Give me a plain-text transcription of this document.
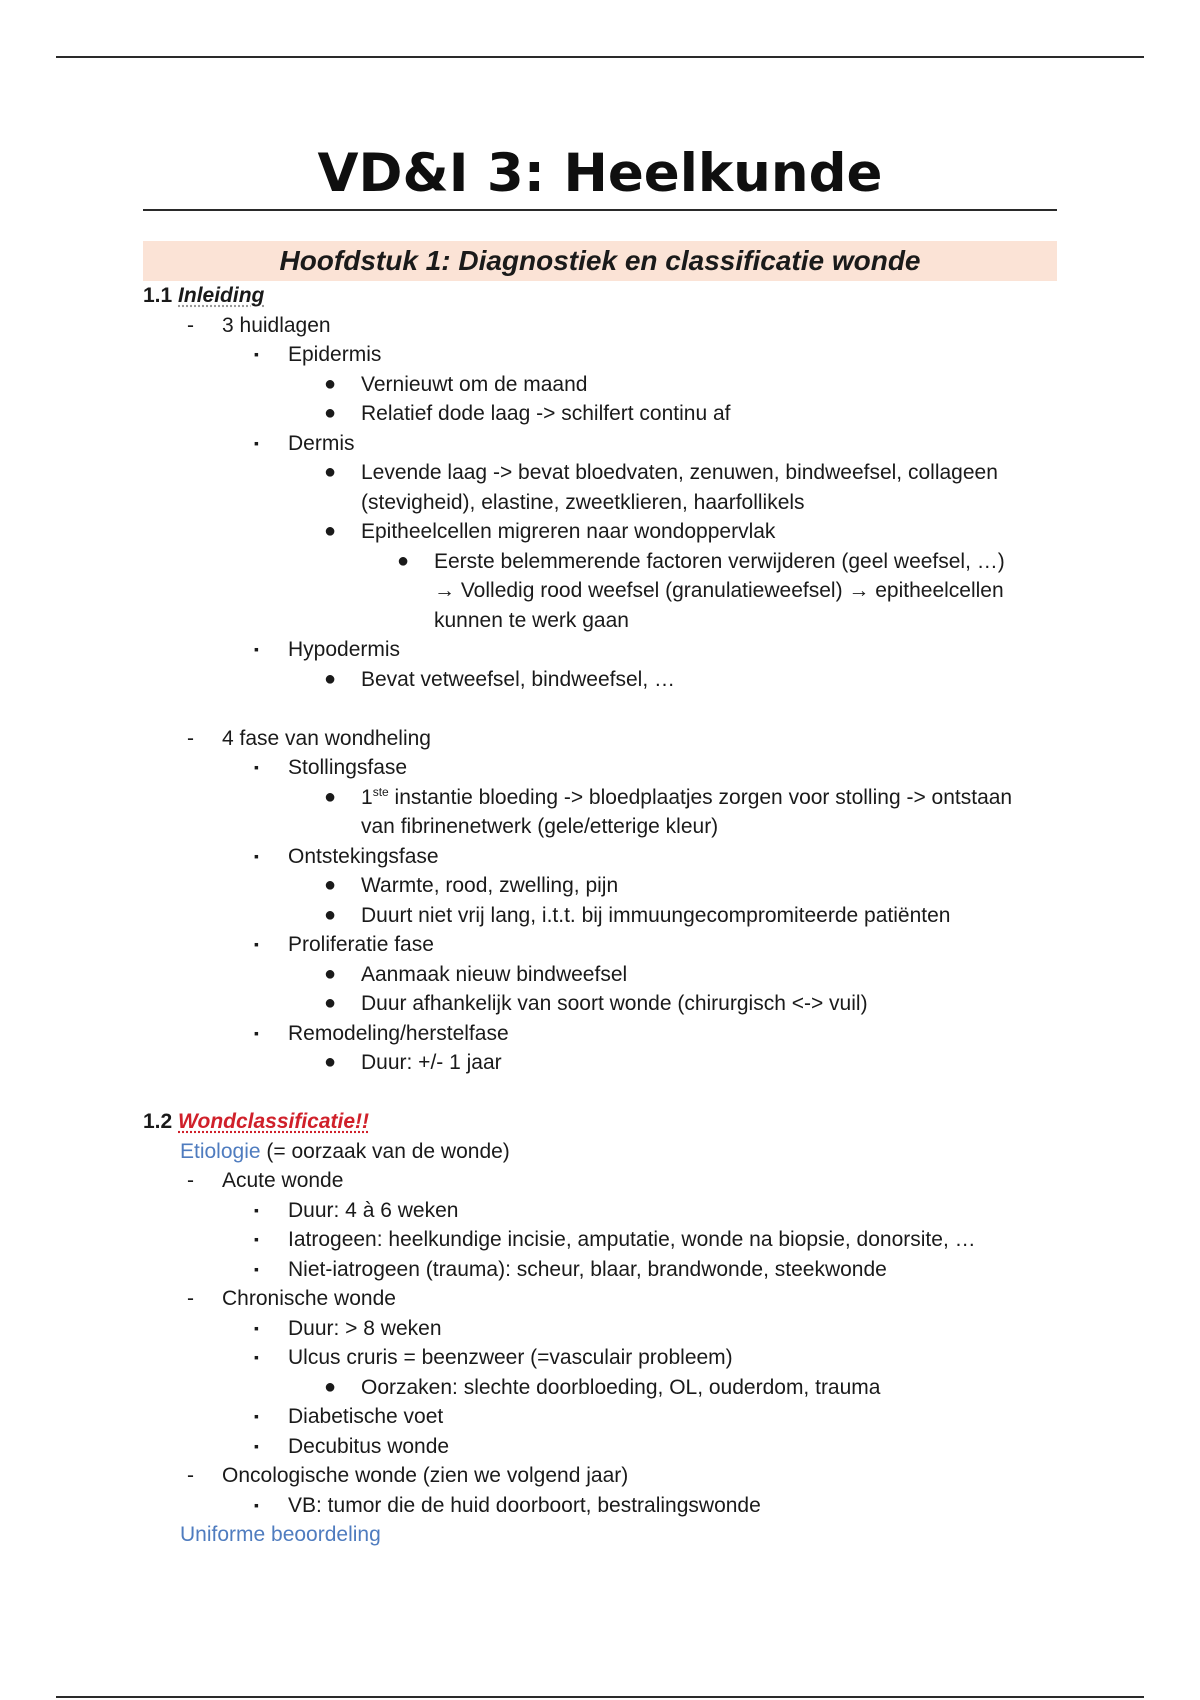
VD&I 3: Heelkunde
Hoofdstuk 1: Diagnostiek en classificatie wonde
1.1 Inleiding
- 3 huidlagen
▪ Epidermis
● Vernieuwt om de maand
● Relatief dode laag -> schilfert continu af
▪ Dermis
● Levende laag -> bevat bloedvaten, zenuwen, bindweefsel, collageen
(stevigheid), elastine, zweetklieren, haarfollikels
● Epitheelcellen migreren naar wondoppervlak
● Eerste belemmerende factoren verwijderen (geel weefsel, …)
→ Volledig rood weefsel (granulatieweefsel) → epitheelcellen
kunnen te werk gaan
▪ Hypodermis
● Bevat vetweefsel, bindweefsel, …
- 4 fase van wondheling
▪ Stollingsfase
● 1ste instantie bloeding -> bloedplaatjes zorgen voor stolling -> ontstaan
van fibrinenetwerk (gele/etterige kleur)
▪ Ontstekingsfase
● Warmte, rood, zwelling, pijn
● Duurt niet vrij lang, i.t.t. bij immuungecompromiteerde patiënten
▪ Proliferatie fase
● Aanmaak nieuw bindweefsel
● Duur afhankelijk van soort wonde (chirurgisch <-> vuil)
▪ Remodeling/herstelfase
● Duur: +/- 1 jaar
1.2 Wondclassificatie!!
Etiologie (= oorzaak van de wonde)
- Acute wonde
▪ Duur: 4 à 6 weken
▪ Iatrogeen: heelkundige incisie, amputatie, wonde na biopsie, donorsite, …
▪ Niet-iatrogeen (trauma): scheur, blaar, brandwonde, steekwonde
- Chronische wonde
▪ Duur: > 8 weken
▪ Ulcus cruris = beenzweer (=vasculair probleem)
● Oorzaken: slechte doorbloeding, OL, ouderdom, trauma
▪ Diabetische voet
▪ Decubitus wonde
- Oncologische wonde (zien we volgend jaar)
▪ VB: tumor die de huid doorboort, bestralingswonde
Uniforme beoordeling
